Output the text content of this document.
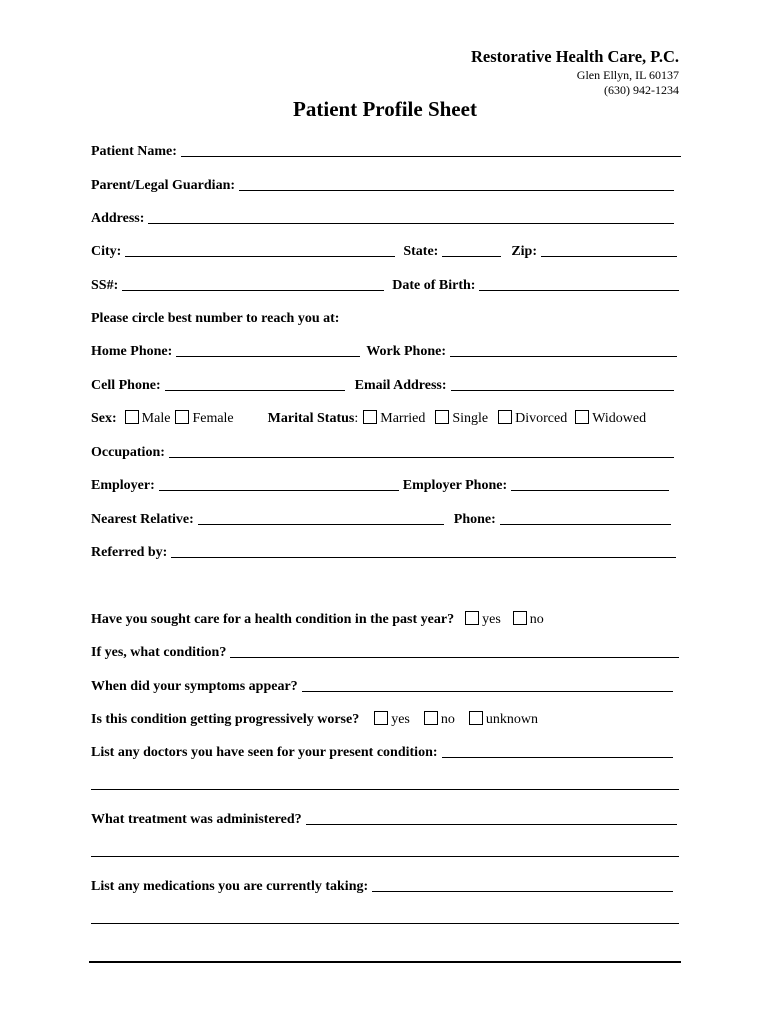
Restorative Health Care, P.C.
Glen Ellyn, IL 60137
(630) 942-1234
Patient Profile Sheet
Patient Name:
Parent/Legal Guardian:
Address:
City:	State:	Zip:
SS#:	Date of Birth:
Please circle best number to reach you at:
Home Phone:	Work Phone:
Cell Phone:	Email Address:
Sex: Male Female Marital Status : Married Single Divorced Widowed
Occupation:
Employer:	Employer Phone:
Nearest Relative:	Phone:
Referred by:
Have you sought care for a health condition in the past year? yes no
If yes, what condition?
When did your symptoms appear?
Is this condition getting progressively worse? yes no unknown
List any doctors you have seen for your present condition:
What treatment was administered?
List any medications you are currently taking:
